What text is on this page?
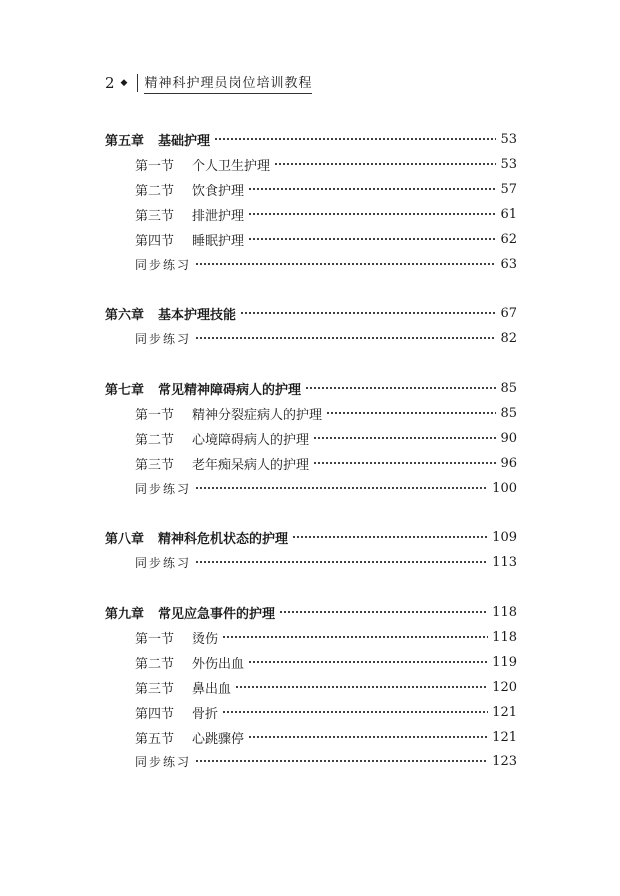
2 ◆ 精神科护理员岗位培训教程
第五章 基础护理	53
第一节 个人卫生护理	53
第二节 饮食护理	57
第三节 排泄护理	61
第四节 睡眠护理	62
同步练习	63
第六章 基本护理技能	67
同步练习	82
第七章 常见精神障碍病人的护理	85
第一节 精神分裂症病人的护理	85
第二节 心境障碍病人的护理	90
第三节 老年痴呆病人的护理	96
同步练习	100
第八章 精神科危机状态的护理	109
同步练习	113
第九章 常见应急事件的护理	118
第一节 烫伤	118
第二节 外伤出血	119
第三节 鼻出血	120
第四节 骨折	121
第五节 心跳骤停	121
同步练习	123
